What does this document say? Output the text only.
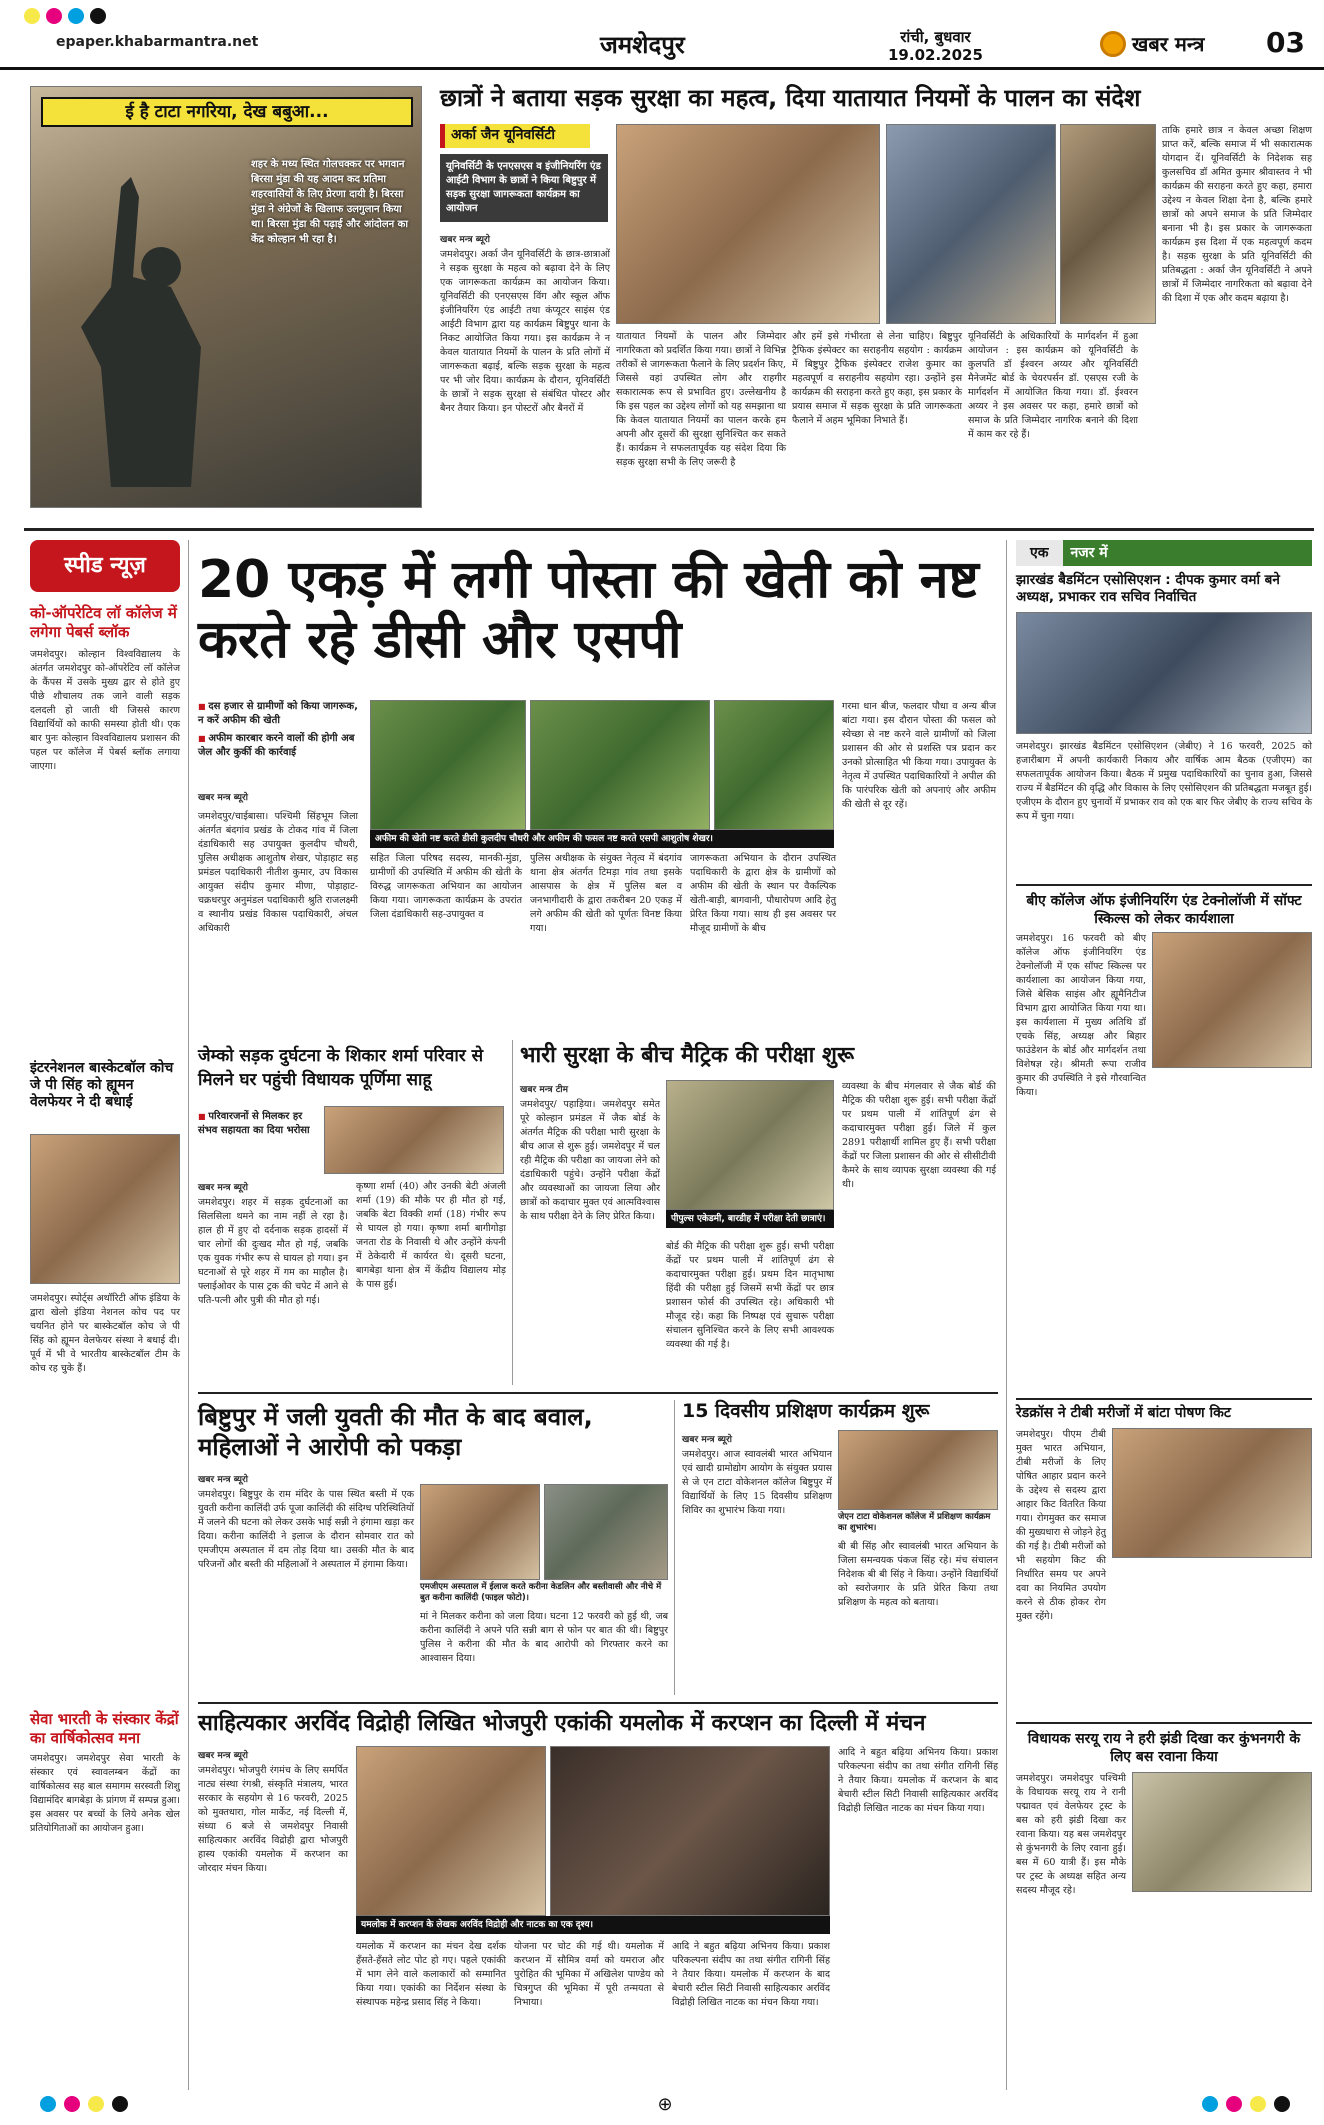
epaper.khabarmantra.net	जमशेदपुर	रांची, बुधवार
19.02.2025	खबर मन्त्र 03
ई है टाटा नगरिया, देख बबुआ...
शहर के मध्य स्थित गोलचक्कर पर भगवान बिरसा मुंडा की यह आदम कद प्रतिमा शहरवासियों के लिए प्रेरणा दायी है। बिरसा मुंडा ने अंग्रेजों के खिलाफ उलगुलान किया था। बिरसा मुंडा की पढ़ाई और आंदोलन का केंद्र कोल्हान भी रहा है।
छात्रों ने बताया सड़क सुरक्षा का महत्व, दिया यातायात नियमों के पालन का संदेश
अर्का जैन यूनिवर्सिटी
यूनिवर्सिटी के एनएसएस व इंजीनियरिंग एंड आईटी विभाग के छात्रों ने किया बिष्टुपुर में सड़क सुरक्षा जागरूकता कार्यक्रम का आयोजन
खबर मन्त्र ब्यूरो
जमशेदपुर। अर्का जैन यूनिवर्सिटी के छात्र-छात्राओं ने सड़क सुरक्षा के महत्व को बढ़ावा देने के लिए एक जागरूकता कार्यक्रम का आयोजन किया। यूनिवर्सिटी की एनएसएस विंग और स्कूल ऑफ इंजीनियरिंग एंड आईटी तथा कंप्यूटर साइंस एंड आईटी विभाग द्वारा यह कार्यक्रम बिष्टुपुर थाना के निकट आयोजित किया गया। इस कार्यक्रम ने न केवल यातायात नियमों के पालन के प्रति लोगों में जागरूकता बढ़ाई, बल्कि सड़क सुरक्षा के महत्व पर भी जोर दिया। कार्यक्रम के दौरान, यूनिवर्सिटी के छात्रों ने सड़क सुरक्षा से संबंधित पोस्टर और बैनर तैयार किया। इन पोस्टरों और बैनरों में
यातायात नियमों के पालन और जिम्मेदार नागरिकता को प्रदर्शित किया गया। छात्रों ने विभिन्न तरीकों से जागरूकता फैलाने के लिए प्रदर्शन किए, जिससे वहां उपस्थित लोग और राहगीर सकारात्मक रूप से प्रभावित हुए। उल्लेखनीय है कि इस पहल का उद्देश्य लोगों को यह समझाना था कि केवल यातायात नियमों का पालन करके हम अपनी और दूसरों की सुरक्षा सुनिश्चित कर सकते हैं। कार्यक्रम ने सफलतापूर्वक यह संदेश दिया कि सड़क सुरक्षा सभी के लिए जरूरी है
और हमें इसे गंभीरता से लेना चाहिए। बिष्टुपुर ट्रैफिक इंस्पेक्टर का सराहनीय सहयोग : कार्यक्रम में बिष्टुपुर ट्रैफिक इंस्पेक्टर राजेश कुमार का महत्वपूर्ण व सराहनीय सहयोग रहा। उन्होंने इस कार्यक्रम की सराहना करते हुए कहा, इस प्रकार के प्रयास समाज में सड़क सुरक्षा के प्रति जागरूकता फैलाने में अहम भूमिका निभाते हैं।
यूनिवर्सिटी के अधिकारियों के मार्गदर्शन में हुआ आयोजन : इस कार्यक्रम को यूनिवर्सिटी के कुलपति डॉ ईश्वरन अय्यर और यूनिवर्सिटी मैनेजमेंट बोर्ड के चेयरपर्सन डॉ. एसएस रजी के मार्गदर्शन में आयोजित किया गया। डॉ. ईश्वरन अय्यर ने इस अवसर पर कहा, हमारे छात्रों को समाज के प्रति जिम्मेदार नागरिक बनाने की दिशा में काम कर रहे हैं।
ताकि हमारे छात्र न केवल अच्छा शिक्षण प्राप्त करें, बल्कि समाज में भी सकारात्मक योगदान दें। यूनिवर्सिटी के निदेशक सह कुलसचिव डॉ अमित कुमार श्रीवास्तव ने भी कार्यक्रम की सराहना करते हुए कहा, हमारा उद्देश्य न केवल शिक्षा देना है, बल्कि हमारे छात्रों को अपने समाज के प्रति जिम्मेदार बनाना भी है। इस प्रकार के जागरूकता कार्यक्रम इस दिशा में एक महत्वपूर्ण कदम है। सड़क सुरक्षा के प्रति यूनिवर्सिटी की प्रतिबद्धता : अर्का जैन यूनिवर्सिटी ने अपने छात्रों में जिम्मेदार नागरिकता को बढ़ावा देने की दिशा में एक और कदम बढ़ाया है।
स्पीड न्यूज़
को-ऑपरेटिव लॉ कॉलेज में लगेगा पेबर्स ब्लॉक
जमशेदपुर। कोल्हान विश्वविद्यालय के अंतर्गत जमशेदपुर को-ऑपरेटिव लॉ कॉलेज के कैंपस में उसके मुख्य द्वार से होते हुए पीछे शौचालय तक जाने वाली सड़क दलदली हो जाती थी जिससे कारण विद्यार्थियों को काफी समस्या होती थी। एक बार पुनः कोल्हान विश्वविद्यालय प्रशासन की पहल पर कॉलेज में पेबर्स ब्लॉक लगाया जाएगा।
इंटरनेशनल बास्केटबॉल कोच जे पी सिंह को ह्यूमन वेलफेयर ने दी बधाई
जमशेदपुर। स्पोर्ट्स अथॉरिटी ऑफ इंडिया के द्वारा खेलो इंडिया नेशनल कोच पद पर चयनित होने पर बास्केटबॉल कोच जे पी सिंह को ह्यूमन वेलफेयर संस्था ने बधाई दी। पूर्व में भी वे भारतीय बास्केटबॉल टीम के कोच रह चुके हैं।
सेवा भारती के संस्कार केंद्रों का वार्षिकोत्सव मना
जमशेदपुर। जमशेदपुर सेवा भारती के संस्कार एवं स्वावलम्बन केंद्रों का वार्षिकोत्सव सह बाल समागम सरस्वती शिशु विद्यामंदिर बागबेड़ा के प्रांगण में सम्पन्न हुआ। इस अवसर पर बच्चों के लिये अनेक खेल प्रतियोगिताओं का आयोजन हुआ।
20 एकड़ में लगी पोस्ता की खेती को नष्ट करते रहे डीसी और एसपी
■ दस हजार से ग्रामीणों को किया जागरूक, न करें अफीम की खेती
■ अफीम कारबार करने वालों की होगी अब जेल और कुर्की की कार्रवाई
खबर मन्त्र ब्यूरो
अफीम की खेती नष्ट करते डीसी कुलदीप चौधरी और अफीम की फसल नष्ट करते एसपी आशुतोष शेखर।
जमशेदपुर/चाईबासा। पश्चिमी सिंहभूम जिला अंतर्गत बंदगांव प्रखंड के टोकद गांव में जिला दंडाधिकारी सह उपायुक्त कुलदीप चौधरी, पुलिस अधीक्षक आशुतोष शेखर, पोड़ाहाट सह प्रमंडल पदाधिकारी नीतीश कुमार, उप विकास आयुक्त संदीप कुमार मीणा, पोड़ाहाट-चक्रधरपुर अनुमंडल पदाधिकारी श्रुति राजलक्ष्मी व स्थानीय प्रखंड विकास पदाधिकारी, अंचल अधिकारी
सहित जिला परिषद सदस्य, मानकी-मुंडा, ग्रामीणों की उपस्थिति में अफीम की खेती के विरुद्ध जागरूकता अभियान का आयोजन किया गया। जागरूकता कार्यक्रम के उपरांत जिला दंडाधिकारी सह-उपायुक्त व
पुलिस अधीक्षक के संयुक्त नेतृत्व में बंदगांव थाना क्षेत्र अंतर्गत टिमड़ा गांव तथा इसके आसपास के क्षेत्र में पुलिस बल व जनभागीदारी के द्वारा तकरीबन 20 एकड़ में लगे अफीम की खेती को पूर्णतः विनष्ट किया गया।
जागरूकता अभियान के दौरान उपस्थित पदाधिकारी के द्वारा क्षेत्र के ग्रामीणों को अफीम की खेती के स्थान पर वैकल्पिक खेती-बाड़ी, बागवानी, पौधारोपण आदि हेतु प्रेरित किया गया। साथ ही इस अवसर पर मौजूद ग्रामीणों के बीच
गरमा धान बीज, फलदार पौधा व अन्य बीज बांटा गया। इस दौरान पोस्ता की फसल को स्वेच्छा से नष्ट करने वाले ग्रामीणों को जिला प्रशासन की ओर से प्रशस्ति पत्र प्रदान कर उनको प्रोत्साहित भी किया गया। उपायुक्त के नेतृत्व में उपस्थित पदाधिकारियों ने अपील की कि पारंपरिक खेती को अपनाएं और अफीम की खेती से दूर रहें।
जेम्को सड़क दुर्घटना के शिकार शर्मा परिवार से मिलने घर पहुंची विधायक पूर्णिमा साहू
■ परिवारजनों से मिलकर हर संभव सहायता का दिया भरोसा
खबर मन्त्र ब्यूरो
जमशेदपुर। शहर में सड़क दुर्घटनाओं का सिलसिला थमने का नाम नहीं ले रहा है। हाल ही में हुए दो दर्दनाक सड़क हादसों में चार लोगों की दुःखद मौत हो गई, जबकि एक युवक गंभीर रूप से घायल हो गया। इन घटनाओं से पूरे शहर में गम का माहौल है। फ्लाईओवर के पास ट्रक की चपेट में आने से पति-पत्नी और पुत्री की मौत हो गई।
कृष्णा शर्मा (40) और उनकी बेटी अंजली शर्मा (19) की मौके पर ही मौत हो गई, जबकि बेटा विक्की शर्मा (18) गंभीर रूप से घायल हो गया। कृष्णा शर्मा बागीगोड़ा जनता रोड के निवासी थे और उन्होंने कंपनी में ठेकेदारी में कार्यरत थे। दूसरी घटना, बागबेड़ा थाना क्षेत्र में केंद्रीय विद्यालय मोड़ के पास हुई।
भारी सुरक्षा के बीच मैट्रिक की परीक्षा शुरू
खबर मन्त्र टीम
जमशेदपुर/ पहाड़िया। जमशेदपुर समेत पूरे कोल्हान प्रमंडल में जैक बोर्ड के अंतर्गत मैट्रिक की परीक्षा भारी सुरक्षा के बीच आज से शुरू हुई। जमशेदपुर में चल रही मैट्रिक की परीक्षा का जायजा लेने को दंडाधिकारी पहुंचे। उन्होंने परीक्षा केंद्रों और व्यवस्थाओं का जायजा लिया और छात्रों को कदाचार मुक्त एवं आत्मविश्वास के साथ परीक्षा देने के लिए प्रेरित किया।	पीपुल्स एकेडमी, बारडीह में परीक्षा देती छात्राएं।
बोर्ड की मैट्रिक की परीक्षा शुरू हुई। सभी परीक्षा केंद्रों पर प्रथम पाली में शांतिपूर्ण ढंग से कदाचारमुक्त परीक्षा हुई। प्रथम दिन मातृभाषा हिंदी की परीक्षा हुई जिसमें सभी केंद्रों पर छात्र प्रशासन फोर्स की उपस्थित रहे। अधिकारी भी मौजूद रहे। कहा कि निष्पक्ष एवं सुचारू परीक्षा संचालन सुनिश्चित करने के लिए सभी आवश्यक व्यवस्था की गई है।
व्यवस्था के बीच मंगलवार से जैक बोर्ड की मैट्रिक की परीक्षा शुरू हुई। सभी परीक्षा केंद्रों पर प्रथम पाली में शांतिपूर्ण ढंग से कदाचारमुक्त परीक्षा हुई। जिले में कुल 2891 परीक्षार्थी शामिल हुए हैं। सभी परीक्षा केंद्रों पर जिला प्रशासन की ओर से सीसीटीवी कैमरे के साथ व्यापक सुरक्षा व्यवस्था की गई थी।
बिष्टुपुर में जली युवती की मौत के बाद बवाल, महिलाओं ने आरोपी को पकड़ा
खबर मन्त्र ब्यूरो
जमशेदपुर। बिष्टुपुर के राम मंदिर के पास स्थित बस्ती में एक युवती करीना कालिंदी उर्फ पूजा कालिंदी की संदिग्ध परिस्थितियों में जलने की घटना को लेकर उसके भाई सन्नी ने हंगामा खड़ा कर दिया। करीना कालिंदी ने इलाज के दौरान सोमवार रात को एमजीएम अस्पताल में दम तोड़ दिया था। उसकी मौत के बाद परिजनों और बस्ती की महिलाओं ने अस्पताल में हंगामा किया।
एमजीएम अस्पताल में ईलाज करते करीना केडलिन और बस्तीवासी और नीचे में बुत करीना कालिंदी (फाइल फोटो)।
मां ने मिलकर करीना को जला दिया। घटना 12 फरवरी को हुई थी, जब करीना कालिंदी ने अपने पति सन्नी बाग से फोन पर बात की थी। बिष्टुपुर पुलिस ने करीना की मौत के बाद आरोपी को गिरफ्तार करने का आश्वासन दिया।
15 दिवसीय प्रशिक्षण कार्यक्रम शुरू
खबर मन्त्र ब्यूरो
जमशेदपुर। आज स्वावलंबी भारत अभियान एवं खादी ग्रामोद्योग आयोग के संयुक्त प्रयास से जे एन टाटा वोकेशनल कॉलेज बिष्टुपुर में विद्यार्थियों के लिए 15 दिवसीय प्रशिक्षण शिविर का शुभारंभ किया गया।
जेएन टाटा वोकेशनल कॉलेज में प्रशिक्षण कार्यक्रम का शुभारंभ।
बी बी सिंह और स्वावलंबी भारत अभियान के जिला समन्वयक पंकज सिंह रहे। मंच संचालन निदेशक बी बी सिंह ने किया। उन्होंने विद्यार्थियों को स्वरोजगार के प्रति प्रेरित किया तथा प्रशिक्षण के महत्व को बताया।
साहित्यकार अरविंद विद्रोही लिखित भोजपुरी एकांकी यमलोक में करप्शन का दिल्ली में मंचन
खबर मन्त्र ब्यूरो
जमशेदपुर। भोजपुरी रंगमंच के लिए समर्पित नाट्य संस्था रंगश्री, संस्कृति मंत्रालय, भारत सरकार के सहयोग से 16 फरवरी, 2025 को मुक्तधारा, गोल मार्केट, नई दिल्ली में, संध्या 6 बजे से जमशेदपुर निवासी साहित्यकार अरविंद विद्रोही द्वारा भोजपुरी हास्य एकांकी यमलोक में करप्शन का जोरदार मंचन किया।
यमलोक में करप्शन के लेखक अरविंद विद्रोही और नाटक का एक दृश्य।
यमलोक में करप्शन का मंचन देख दर्शक हँसते-हँसते लोट पोट हो गए। पहले एकांकी में भाग लेने वाले कलाकारों को सम्मानित किया गया। एकांकी का निर्देशन संस्था के संस्थापक महेन्द्र प्रसाद सिंह ने किया।
योजना पर चोट की गई थी। यमलोक में करप्शन में सौमित्र वर्मा को यमराज और पुरोहित की भूमिका में अखिलेश पाण्डेय को चित्रगुप्त की भूमिका में पूरी तन्मयता से निभाया।
आदि ने बहुत बढ़िया अभिनय किया। प्रकाश परिकल्पना संदीप का तथा संगीत रागिनी सिंह ने तैयार किया। यमलोक में करप्शन के बाद बेचारी स्टील सिटी निवासी साहित्यकार अरविंद विद्रोही लिखित नाटक का मंचन किया गया।
आदि ने बहुत बढ़िया अभिनय किया। प्रकाश परिकल्पना संदीप का तथा संगीत रागिनी सिंह ने तैयार किया। यमलोक में करप्शन के बाद बेचारी स्टील सिटी निवासी साहित्यकार अरविंद विद्रोही लिखित नाटक का मंचन किया गया।
एक	नजर में
झारखंड बैडमिंटन एसोसिएशन : दीपक कुमार वर्मा बने अध्यक्ष, प्रभाकर राव सचिव निर्वाचित
जमशेदपुर। झारखंड बैडमिंटन एसोसिएशन (जेबीए) ने 16 फरवरी, 2025 को हजारीबाग में अपनी कार्यकारी निकाय और वार्षिक आम बैठक (एजीएम) का सफलतापूर्वक आयोजन किया। बैठक में प्रमुख पदाधिकारियों का चुनाव हुआ, जिससे राज्य में बैडमिंटन की वृद्धि और विकास के लिए एसोसिएशन की प्रतिबद्धता मजबूत हुई। एजीएम के दौरान हुए चुनावों में प्रभाकर राव को एक बार फिर जेबीए के राज्य सचिव के रूप में चुना गया।
बीए कॉलेज ऑफ इंजीनियरिंग एंड टेक्नोलॉजी में सॉफ्ट स्किल्स को लेकर कार्यशाला
जमशेदपुर। 16 फरवरी को बीए कॉलेज ऑफ इंजीनियरिंग एंड टेक्नोलॉजी में एक सॉफ्ट स्किल्स पर कार्यशाला का आयोजन किया गया, जिसे बेसिक साइंस और ह्यूमैनिटीज विभाग द्वारा आयोजित किया गया था। इस कार्यशाला में मुख्य अतिथि डॉ एचके सिंह, अध्यक्ष और बिहार फाउंडेशन के बोर्ड और मार्गदर्शन तथा विशेषज्ञ रहे। श्रीमती रूपा राजीव कुमार की उपस्थिति ने इसे गौरवान्वित किया।
रेडक्रॉस ने टीबी मरीजों में बांटा पोषण किट
जमशेदपुर। पीएम टीबी मुक्त भारत अभियान, टीबी मरीजों के लिए पोषित आहार प्रदान करने के उद्देश्य से सदस्य द्वारा आहार किट वितरित किया गया। रोगमुक्त कर समाज की मुख्यधारा से जोड़ने हेतु की गई है। टीबी मरीजों को भी सहयोग किट की निर्धारित समय पर अपने दवा का नियमित उपयोग करने से ठीक होकर रोग मुक्त रहेंगे।
विधायक सरयू राय ने हरी झंडी दिखा कर कुंभनगरी के लिए बस रवाना किया
जमशेदपुर। जमशेदपुर पश्चिमी के विधायक सरयू राय ने रानी पद्मावत एवं वेलफेयर ट्रस्ट के बस को हरी झंडी दिखा कर रवाना किया। यह बस जमशेदपुर से कुंभनगरी के लिए रवाना हुई। बस में 60 यात्री हैं। इस मौके पर ट्रस्ट के अध्यक्ष सहित अन्य सदस्य मौजूद रहे।
⊕
